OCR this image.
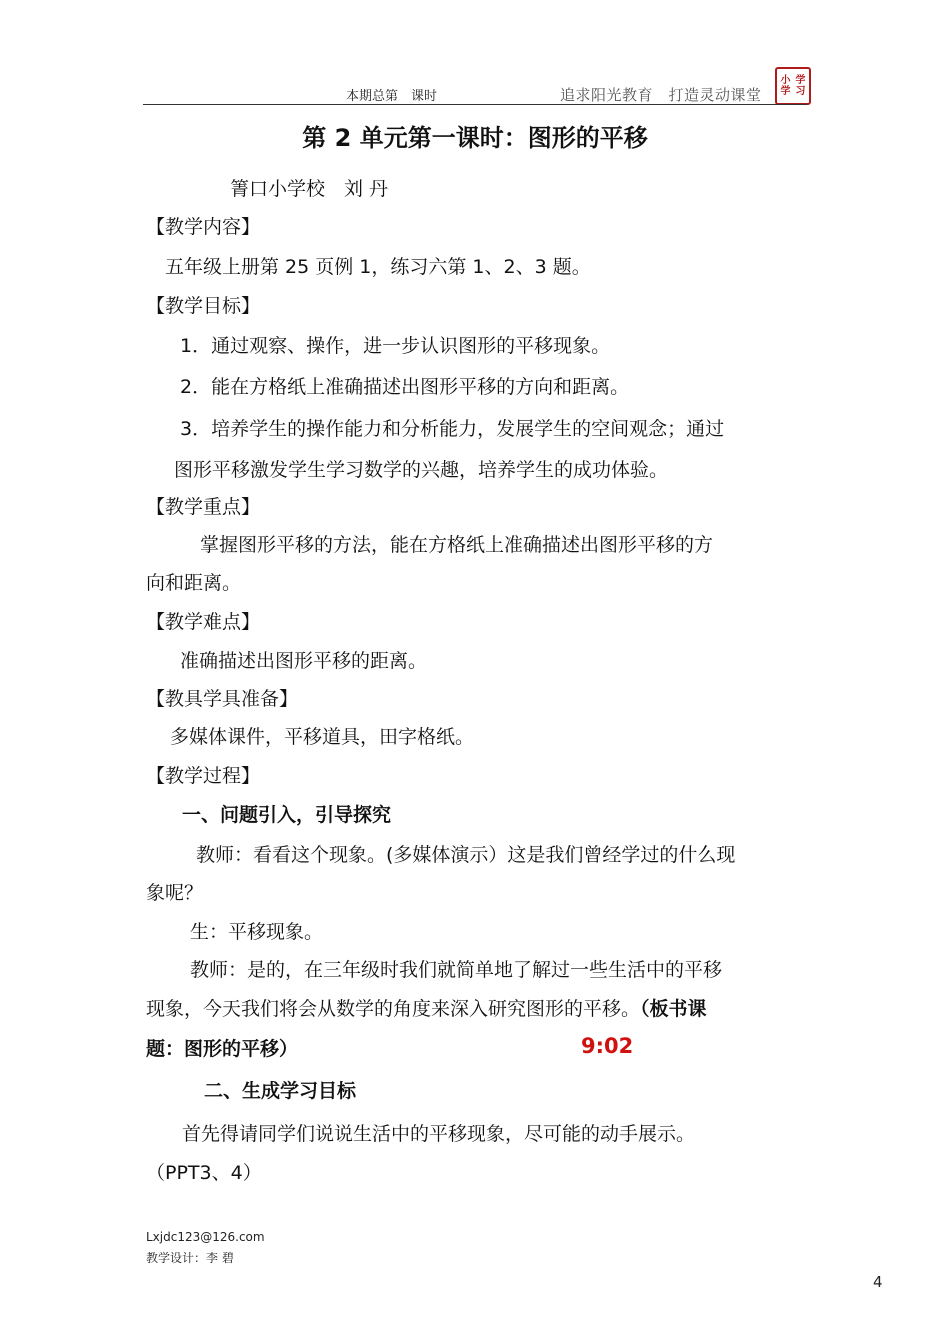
本期总第　课时	追求阳光教育　打造灵动课堂
小 学
学 习
第 2 单元第一课时：图形的平移
箐口小学校　刘 丹
【教学内容】
五年级上册第 25 页例 1，练习六第 1、2、3 题。
【教学目标】
1．通过观察、操作，进一步认识图形的平移现象。
2．能在方格纸上准确描述出图形平移的方向和距离。
3．培养学生的操作能力和分析能力，发展学生的空间观念；通过
图形平移激发学生学习数学的兴趣，培养学生的成功体验。
【教学重点】
掌握图形平移的方法，能在方格纸上准确描述出图形平移的方
向和距离。
【教学难点】
准确描述出图形平移的距离。
【教具学具准备】
多媒体课件，平移道具，田字格纸。
【教学过程】
一、问题引入，引导探究
教师：看看这个现象。(多媒体演示）这是我们曾经学过的什么现
象呢？
生：平移现象。
教师：是的，在三年级时我们就简单地了解过一些生活中的平移
现象，今天我们将会从数学的角度来深入研究图形的平移。（板书课
题：图形的平移）	9:02
二、生成学习目标
首先得请同学们说说生活中的平移现象，尽可能的动手展示。
（PPT3、4）
Lxjdc123@126.com
教学设计：李 碧
4
